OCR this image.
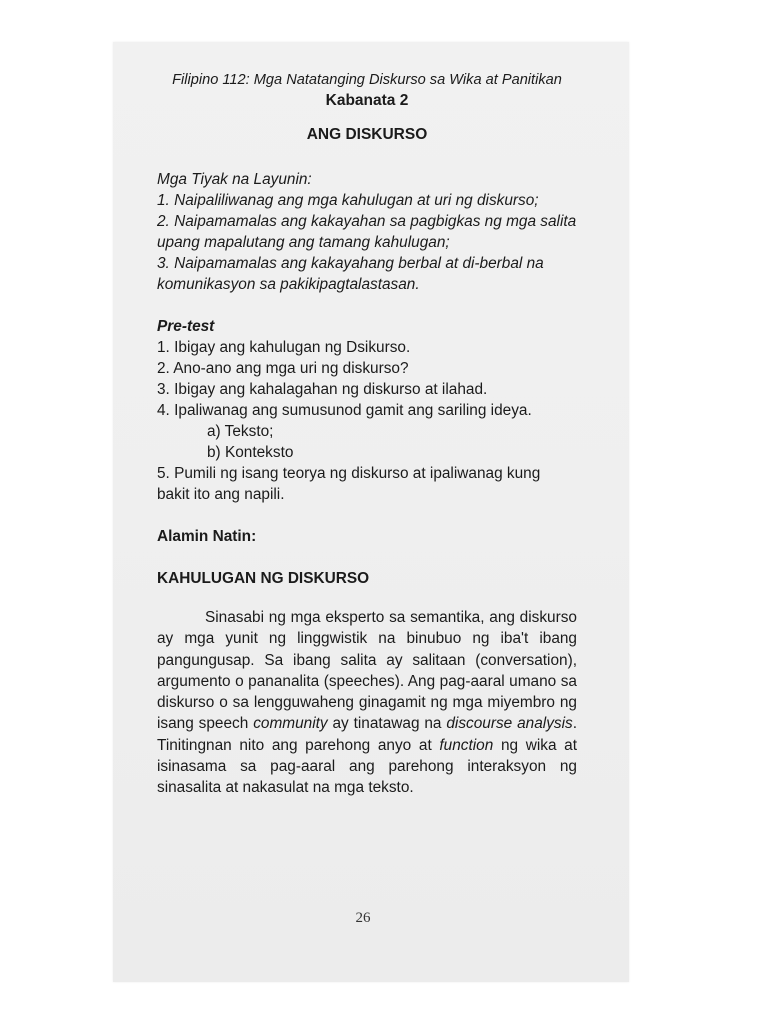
Filipino 112: Mga Natatanging Diskurso sa Wika at Panitikan
Kabanata 2
ANG DISKURSO
Mga Tiyak na Layunin:
1. Naipaliliwanag ang mga kahulugan at uri ng diskurso;
2. Naipamamalas ang kakayahan sa pagbigkas ng mga salita upang mapalutang ang tamang kahulugan;
3. Naipamamalas ang kakayahang berbal at di-berbal na komunikasyon sa pakikipagtalastasan.
Pre-test
1. Ibigay ang kahulugan ng Dsikurso.
2. Ano-ano ang mga uri ng diskurso?
3. Ibigay ang kahalagahan ng diskurso at ilahad.
4. Ipaliwanag ang sumusunod gamit ang sariling ideya.
a) Teksto;
b) Konteksto
5. Pumili ng isang teorya ng diskurso at ipaliwanag kung bakit ito ang napili.
Alamin Natin:
KAHULUGAN NG DISKURSO

Sinasabi ng mga eksperto sa semantika, ang diskurso ay mga yunit ng linggwistik na binubuo ng iba't ibang pangungusap. Sa ibang salita ay salitaan (conversation), argumento o pananalita (speeches). Ang pag-aaral umano sa diskurso o sa lengguwaheng ginagamit ng mga miyembro ng isang speech community ay tinatawag na discourse analysis. Tinitingnan nito ang parehong anyo at function ng wika at isinasama sa pag-aaral ang parehong interaksyon ng sinasalita at nakasulat na mga teksto.

26
